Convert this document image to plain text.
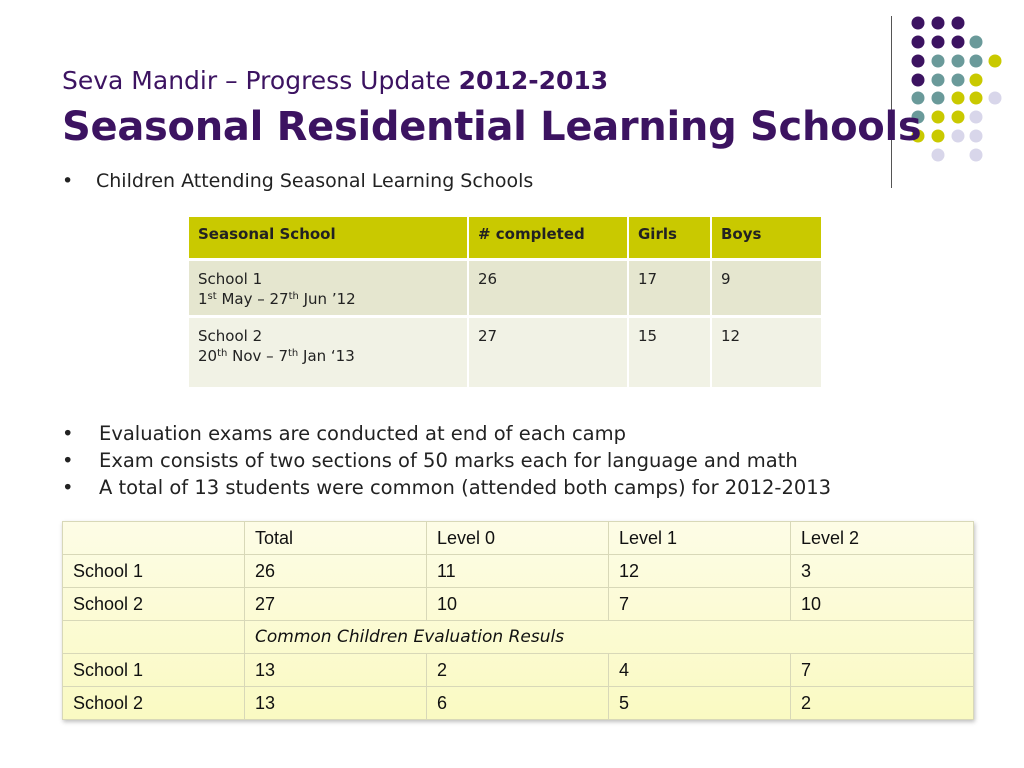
Seva Mandir – Progress Update 2012-2013
Seasonal Residential Learning Schools
• Children Attending Seasonal Learning Schools
Seasonal School	# completed	Girls	Boys
School 1
1st May – 27th Jun ’12	26	17	9
School 2
20th Nov – 7th Jan ‘13	27	15	12
• Evaluation exams are conducted at end of each camp
• Exam consists of two sections of 50 marks each for language and math
• A total of 13 students were common (attended both camps) for 2012-2013
	Total	Level 0	Level 1	Level 2
School 1	26	11	12	3
School 2	27	10	7	10
	Common Children Evaluation Resuls			
School 1	13	2	4	7
School 2	13	6	5	2
